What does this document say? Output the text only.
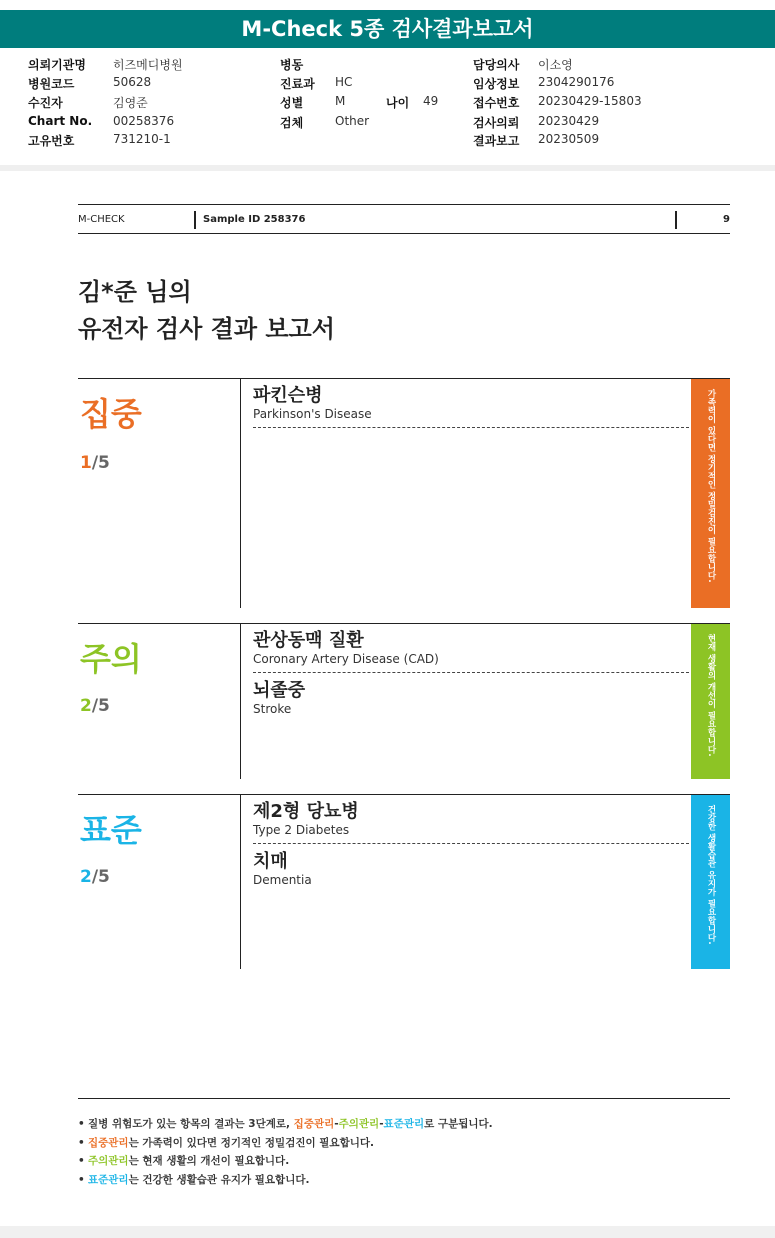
M-Check 5종 검사결과보고서
의뢰기관명 히즈메디병원	병동	담당의사 이소영
병원코드	50628	진료과 HC	임상정보 2304290176
수진자	김영준	성별	M	나이 49	접수번호 20230429-15803
Chart No. 00258376	검체	Other	검사의뢰 20230429
고유번호	731210-1	결과보고 20230509
M-CHECK	Sample ID 258376	9
김*준 님의
유전자 검사 결과 보고서
집중
1/5
파킨슨병
Parkinson's Disease	가족력이 있다면 정기적인 정밀검진이 필요합니다.
주의
2/5
관상동맥 질환
Coronary Artery Disease (CAD)
뇌졸중
Stroke	현재 생활의 개선이 필요합니다.
표준
2/5
제2형 당뇨병
Type 2 Diabetes
치매
Dementia	건강한 생활습관 유지가 필요합니다.
• 질병 위험도가 있는 항목의 결과는 3단계로, 집중관리-주의관리-표준관리로 구분됩니다.
• 집중관리는 가족력이 있다면 정기적인 정밀검진이 필요합니다.
• 주의관리는 현재 생활의 개선이 필요합니다.
• 표준관리는 건강한 생활습관 유지가 필요합니다.
